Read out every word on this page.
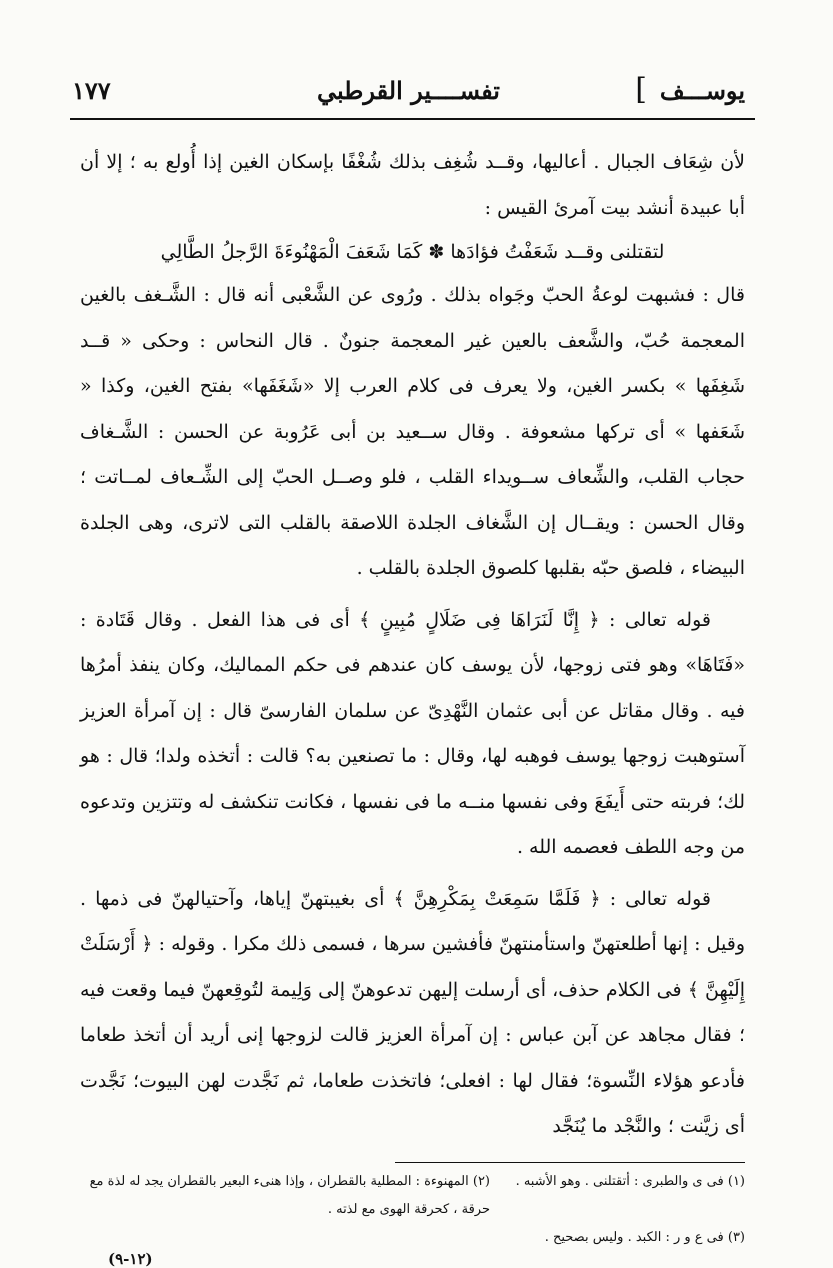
يوســـف
]
تفســــير القرطبي
١٧٧

لأن شِعَاف الجبال . أعاليها، وقــد شُغِف بذلك شُغْفًا بإسكان الغين إذا أُولع به ؛ إلا أن أبا عبيدة أنشد بيت آمرئ القيس :

لتقتلنى وقــد شَعَفْتُ فؤادَها ✽ كَمَا شَعَفَ الْمَهْنُوءَةَ الرَّجلُ الطَّالِي

قال : فشبهت لوعةُ الحبّ وجَواه بذلك . ورُوى عن الشَّعْبى أنه قال : الشَّـغف بالغين المعجمة حُبّ، والشَّعف بالعين غير المعجمة جنونٌ . قال النحاس : وحكى « قــد شَغِفَها » بكسر الغين، ولا يعرف فى كلام العرب إلا «شَغَفَها» بفتح الغين، وكذا « شَعَفها » أى تركها مشعوفة . وقال ســعيد بن أبى عَرُوبة عن الحسن : الشَّـغاف حجاب القلب، والشِّعاف ســويداء القلب ، فلو وصــل الحبّ إلى الشِّـعاف لمــاتت ؛ وقال الحسن : ويقــال إن الشَّغاف الجلدة اللاصقة بالقلب التى لاترى، وهى الجلدة البيضاء ، فلصق حبّه بقلبها كلصوق الجلدة بالقلب .

قوله تعالى : ﴿ إِنَّا لَنَرَاهَا فِى ضَلَالٍ مُبِينٍ ﴾ أى فى هذا الفعل . وقال قَتَادة : «فَتَاهَا» وهو فتى زوجها، لأن يوسف كان عندهم فى حكم المماليك، وكان ينفذ أمرُها فيه . وقال مقاتل عن أبى عثمان النَّهْدِىّ عن سلمان الفارسىّ قال : إن آمرأة العزيز آستوهبت زوجها يوسف فوهبه لها، وقال : ما تصنعين به؟ قالت : أتخذه ولدا؛ قال : هو لك؛ فربته حتى أَيفَعَ وفى نفسها منــه ما فى نفسها ، فكانت تنكشف له وتتزين وتدعوه من وجه اللطف فعصمه الله .

قوله تعالى : ﴿ فَلَمَّا سَمِعَتْ بِمَكْرِهِنَّ ﴾ أى بغيبتهنّ إياها، وآحتيالهنّ فى ذمها . وقيل : إنها أطلعتهنّ واستأمنتهنّ فأفشين سرها ، فسمى ذلك مكرا . وقوله : ﴿ أَرْسَلَتْ إِلَيْهِنَّ ﴾ فى الكلام حذف، أى أرسلت إليهن تدعوهنّ إلى وَلِيمة لتُوقِعهنّ فيما وقعت فيه ؛ فقال مجاهد عن آبن عباس : إن آمرأة العزيز قالت لزوجها إنى أريد أن أتخذ طعاما فأدعو هؤلاء النِّسوة؛ فقال لها : افعلى؛ فاتخذت طعاما، ثم نَجَّدت لهن البيوت؛ نَجَّدت أى زيَّنت ؛ والنَّجْد ما يُنَجَّد

(١) فى ى والطبرى : أتقتلنى . وهو الأشبه .
(٢) المهنوءة : المطلية بالقطران ، وإذا هنىء البعير بالقطران يجد له لذة مع حرقة ، كحرقة الهوى مع لذته .
(٣) فى ع و ر : الكبد . وليس بصحيح .
(١٢-٩)
